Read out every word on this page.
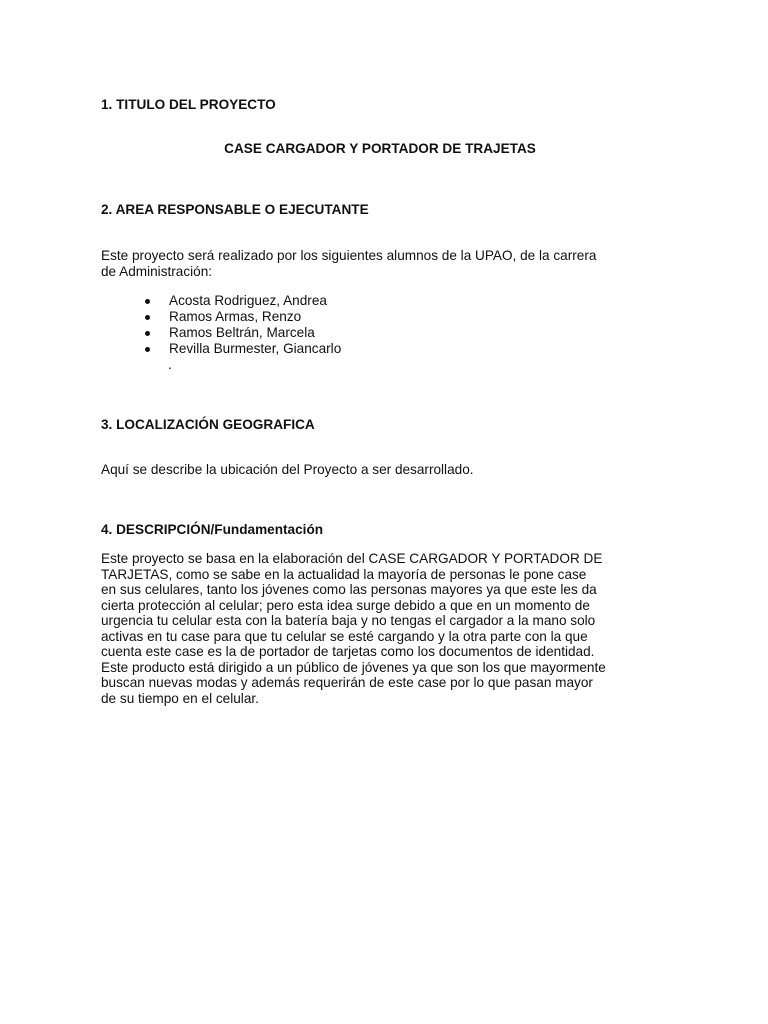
1. TITULO DEL PROYECTO

CASE CARGADOR Y PORTADOR DE TRAJETAS

2. AREA RESPONSABLE O EJECUTANTE

Este proyecto será realizado por los siguientes alumnos de la UPAO, de la carrera
de Administración:

Acosta Rodriguez, Andrea
Ramos Armas, Renzo
Ramos Beltrán, Marcela
Revilla Burmester, Giancarlo

.

3. LOCALIZACIÓN GEOGRAFICA

Aquí se describe la ubicación del Proyecto a ser desarrollado.

4. DESCRIPCIÓN/Fundamentación

Este proyecto se basa en la elaboración del CASE CARGADOR Y PORTADOR DE
TARJETAS, como se sabe en la actualidad la mayoría de personas le pone case
en sus celulares, tanto los jóvenes como las personas mayores ya que este les da
cierta protección al celular; pero esta idea surge debido a que en un momento de
urgencia tu celular esta con la batería baja y no tengas el cargador a la mano solo
activas en tu case para que tu celular se esté cargando y la otra parte con la que
cuenta este case es la de portador de tarjetas como los documentos de identidad.
Este producto está dirigido a un público de jóvenes ya que son los que mayormente
buscan nuevas modas y además requerirán de este case por lo que pasan mayor
de su tiempo en el celular.
